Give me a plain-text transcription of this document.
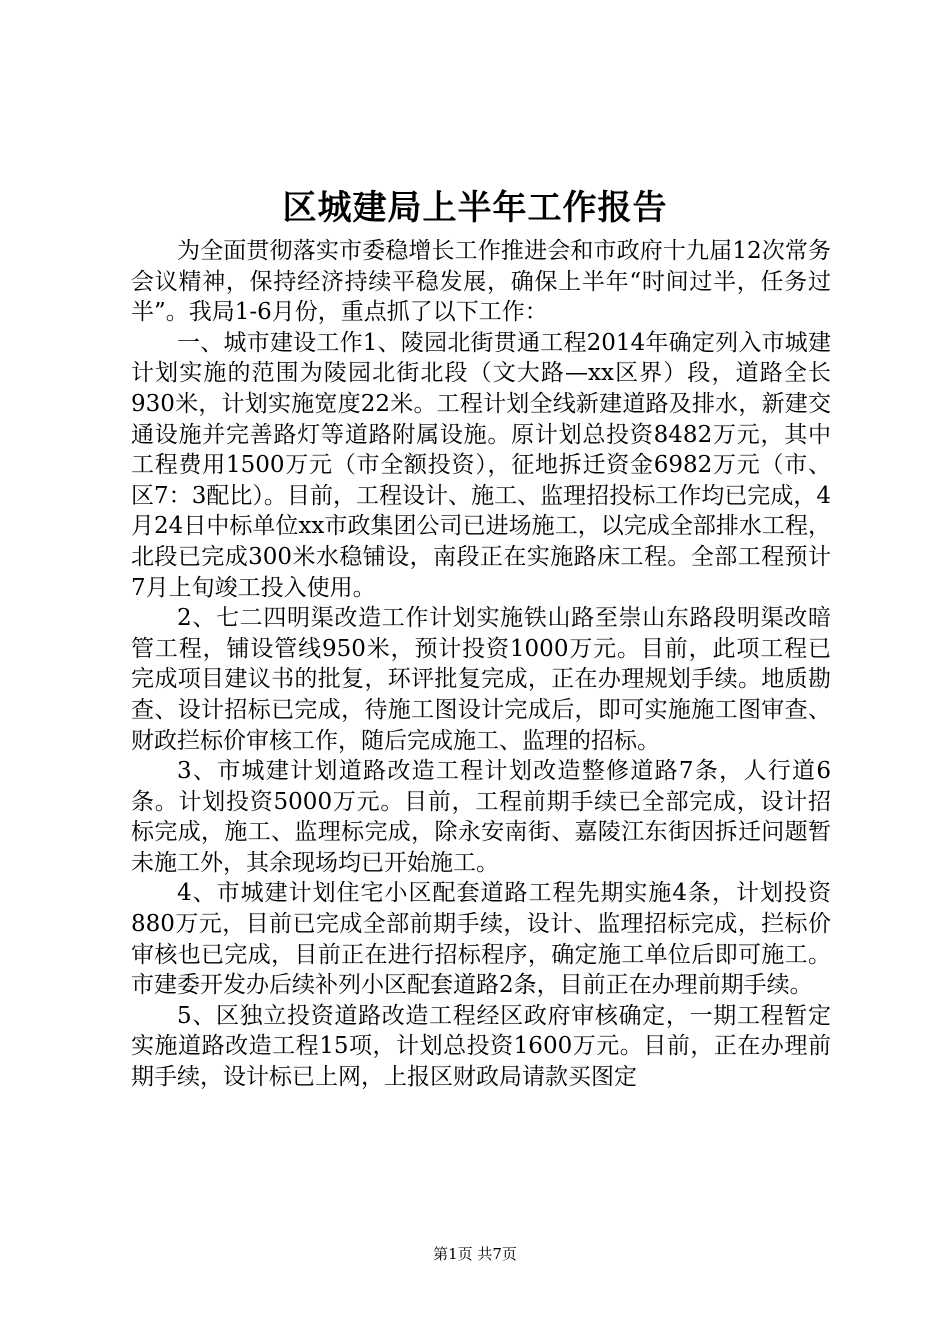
区城建局上半年工作报告

为全面贯彻落实市委稳增长工作推进会和市政府十九届12次常务会议精神，保持经济持续平稳发展，确保上半年“时间过半，任务过半”。我局1-6月份，重点抓了以下工作：

一、城市建设工作1、陵园北街贯通工程2014年确定列入市城建计划实施的范围为陵园北街北段（文大路—xx区界）段，道路全长930米，计划实施宽度22米。工程计划全线新建道路及排水，新建交通设施并完善路灯等道路附属设施。原计划总投资8482万元，其中工程费用1500万元（市全额投资），征地拆迁资金6982万元（市、区7：3配比）。目前，工程设计、施工、监理招投标工作均已完成，4月24日中标单位xx市政集团公司已进场施工，以完成全部排水工程，北段已完成300米水稳铺设，南段正在实施路床工程。全部工程预计7月上旬竣工投入使用。

2、七二四明渠改造工作计划实施铁山路至崇山东路段明渠改暗管工程，铺设管线950米，预计投资1000万元。目前，此项工程已完成项目建议书的批复，环评批复完成，正在办理规划手续。地质勘查、设计招标已完成，待施工图设计完成后，即可实施施工图审查、财政拦标价审核工作，随后完成施工、监理的招标。

3、市城建计划道路改造工程计划改造整修道路7条，人行道6条。计划投资5000万元。目前，工程前期手续已全部完成，设计招标完成，施工、监理标完成，除永安南街、嘉陵江东街因拆迁问题暂未施工外，其余现场均已开始施工。

4、市城建计划住宅小区配套道路工程先期实施4条，计划投资880万元，目前已完成全部前期手续，设计、监理招标完成，拦标价审核也已完成，目前正在进行招标程序，确定施工单位后即可施工。市建委开发办后续补列小区配套道路2条，目前正在办理前期手续。

5、区独立投资道路改造工程经区政府审核确定，一期工程暂定实施道路改造工程15项，计划总投资1600万元。目前，正在办理前期手续，设计标已上网，上报区财政局请款买图定

第1页 共7页
